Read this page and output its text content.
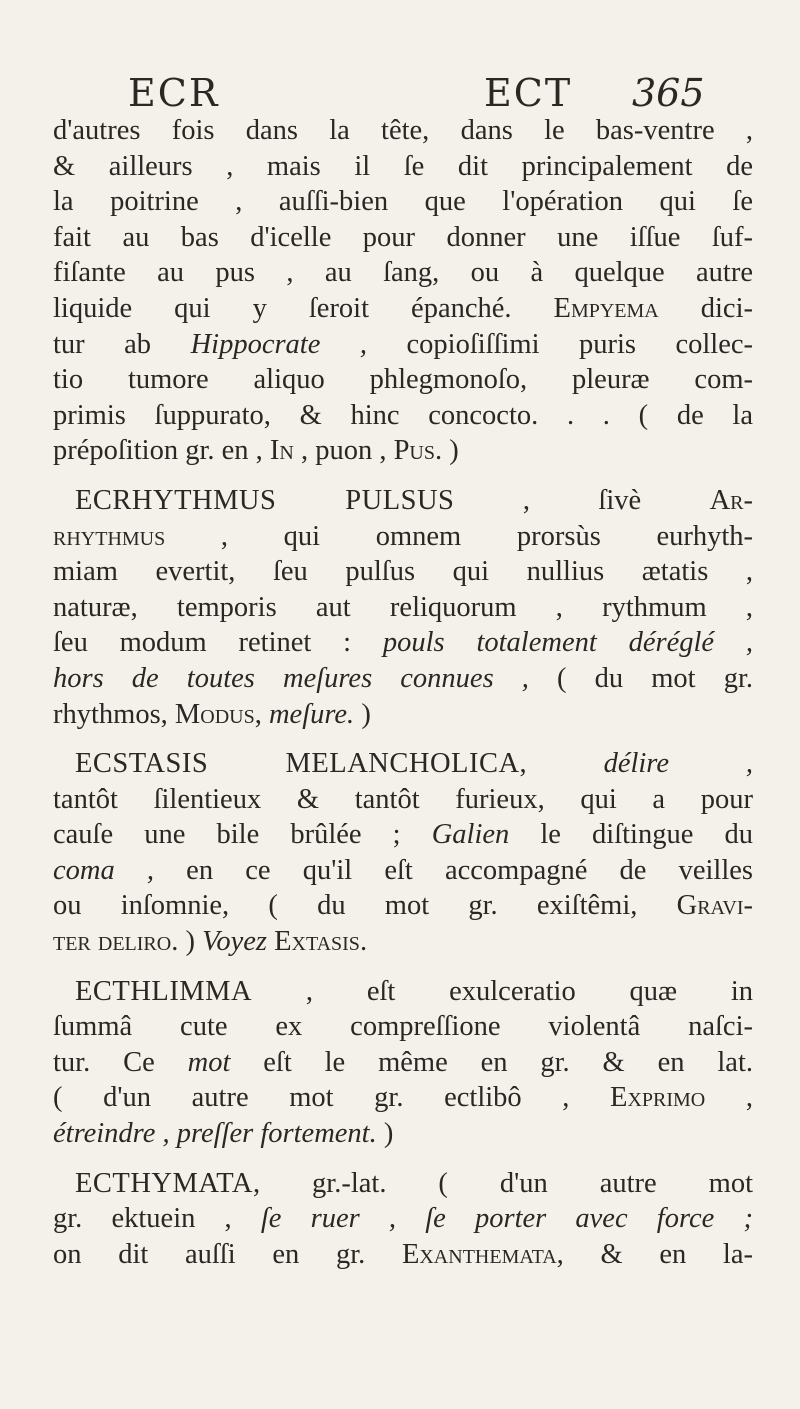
ECR	ECT 365
d'autres fois dans la tête, dans le bas-ventre ,
& ailleurs , mais il ſe dit principalement de
la poitrine , auſſi-bien que l'opération qui ſe
fait au bas d'icelle pour donner une iſſue ſuf-
fiſante au pus , au ſang, ou à quelque autre
liquide qui y ſeroit épanché. Empyema dici-
tur ab Hippocrate , copioſiſſimi puris collec-
tio tumore aliquo phlegmonoſo, pleuræ com-
primis ſuppurato, & hinc concocto. . . ( de la
prépoſition gr. en , In , puon , Pus. )
ECRHYTHMUS PULSUS , ſivè Ar-
rhythmus , qui omnem prorsùs eurhyth-
miam evertit, ſeu pulſus qui nullius ætatis ,
naturæ, temporis aut reliquorum , rythmum ,
ſeu modum retinet : pouls totalement déréglé ,
hors de toutes meſures connues , ( du mot gr.
rhythmos, Modus, meſure. )
ECSTASIS MELANCHOLICA, délire ,
tantôt ſilentieux & tantôt furieux, qui a pour
cauſe une bile brûlée ; Galien le diſtingue du
coma , en ce qu'il eſt accompagné de veilles
ou inſomnie, ( du mot gr. exiſtêmi, Gravi-
ter deliro. ) Voyez Extasis.
ECTHLIMMA , eſt exulceratio quæ in
ſummâ cute ex compreſſione violentâ naſci-
tur. Ce mot eſt le même en gr. & en lat.
( d'un autre mot gr. ectlibô , Exprimo ,
étreindre , preſſer fortement. )
ECTHYMATA, gr.-lat. ( d'un autre mot
gr. ektuein , ſe ruer , ſe porter avec force ;
on dit auſſi en gr. Exanthemata, & en la-
